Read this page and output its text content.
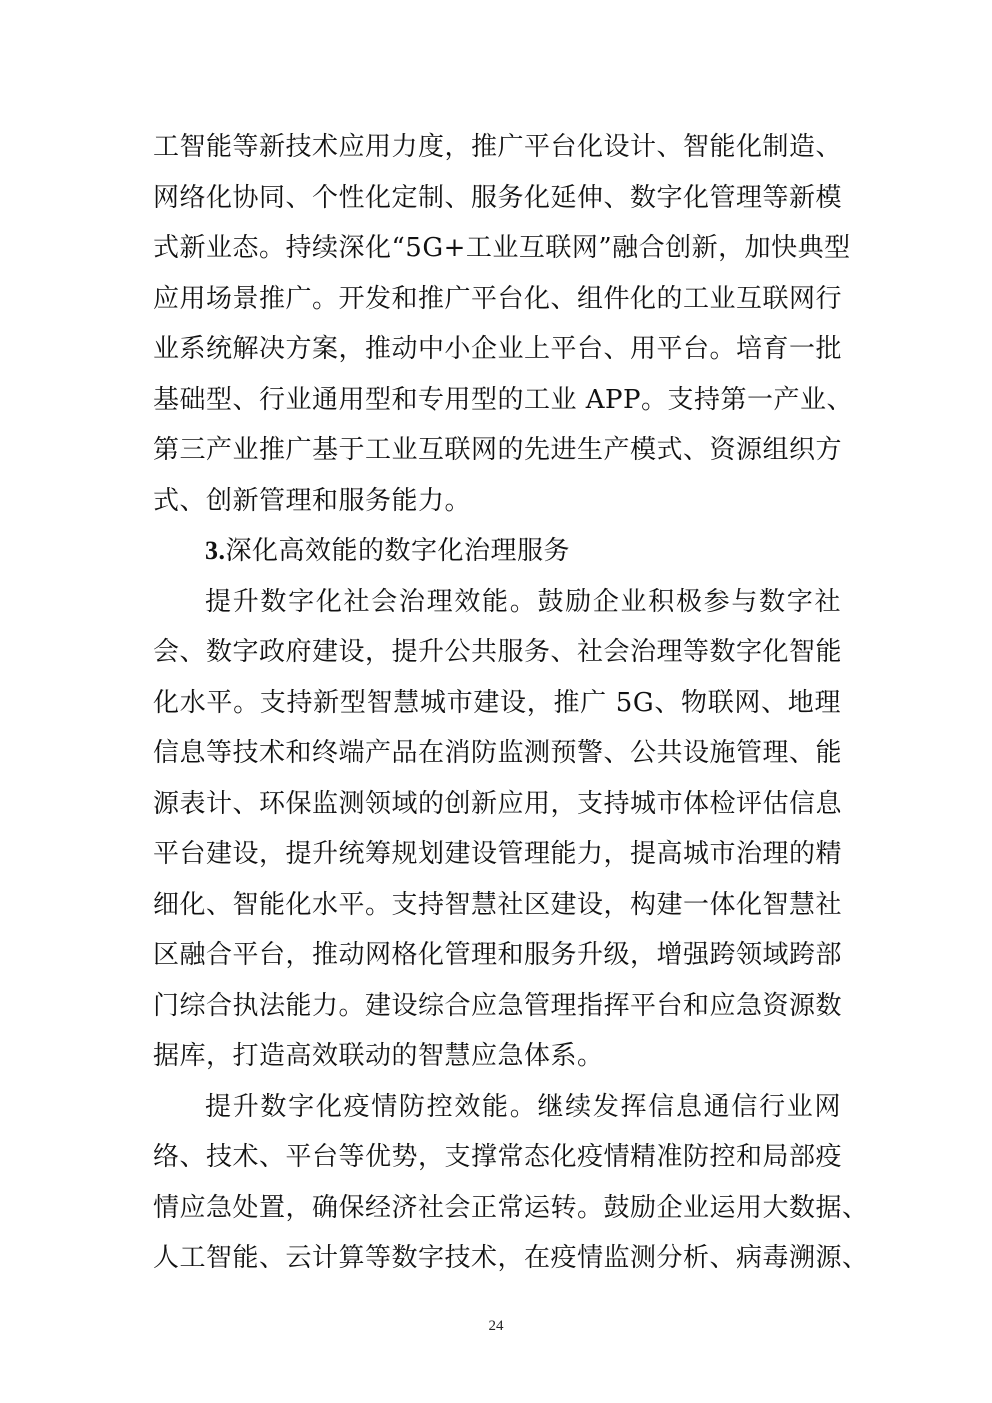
工智能等新技术应用力度，推广平台化设计、智能化制造、
网络化协同、个性化定制、服务化延伸、数字化管理等新模
式新业态。持续深化“5G+工业互联网”融合创新，加快典型
应用场景推广。开发和推广平台化、组件化的工业互联网行
业系统解决方案，推动中小企业上平台、用平台。培育一批
基础型、行业通用型和专用型的工业 APP。支持第一产业、
第三产业推广基于工业互联网的先进生产模式、资源组织方
式、创新管理和服务能力。
3.深化高效能的数字化治理服务
提升数字化社会治理效能。鼓励企业积极参与数字社
会、数字政府建设，提升公共服务、社会治理等数字化智能
化水平。支持新型智慧城市建设，推广 5G、物联网、地理
信息等技术和终端产品在消防监测预警、公共设施管理、能
源表计、环保监测领域的创新应用，支持城市体检评估信息
平台建设，提升统筹规划建设管理能力，提高城市治理的精
细化、智能化水平。支持智慧社区建设，构建一体化智慧社
区融合平台，推动网格化管理和服务升级，增强跨领域跨部
门综合执法能力。建设综合应急管理指挥平台和应急资源数
据库，打造高效联动的智慧应急体系。
提升数字化疫情防控效能。继续发挥信息通信行业网
络、技术、平台等优势，支撑常态化疫情精准防控和局部疫
情应急处置，确保经济社会正常运转。鼓励企业运用大数据、
人工智能、云计算等数字技术，在疫情监测分析、病毒溯源、
24
